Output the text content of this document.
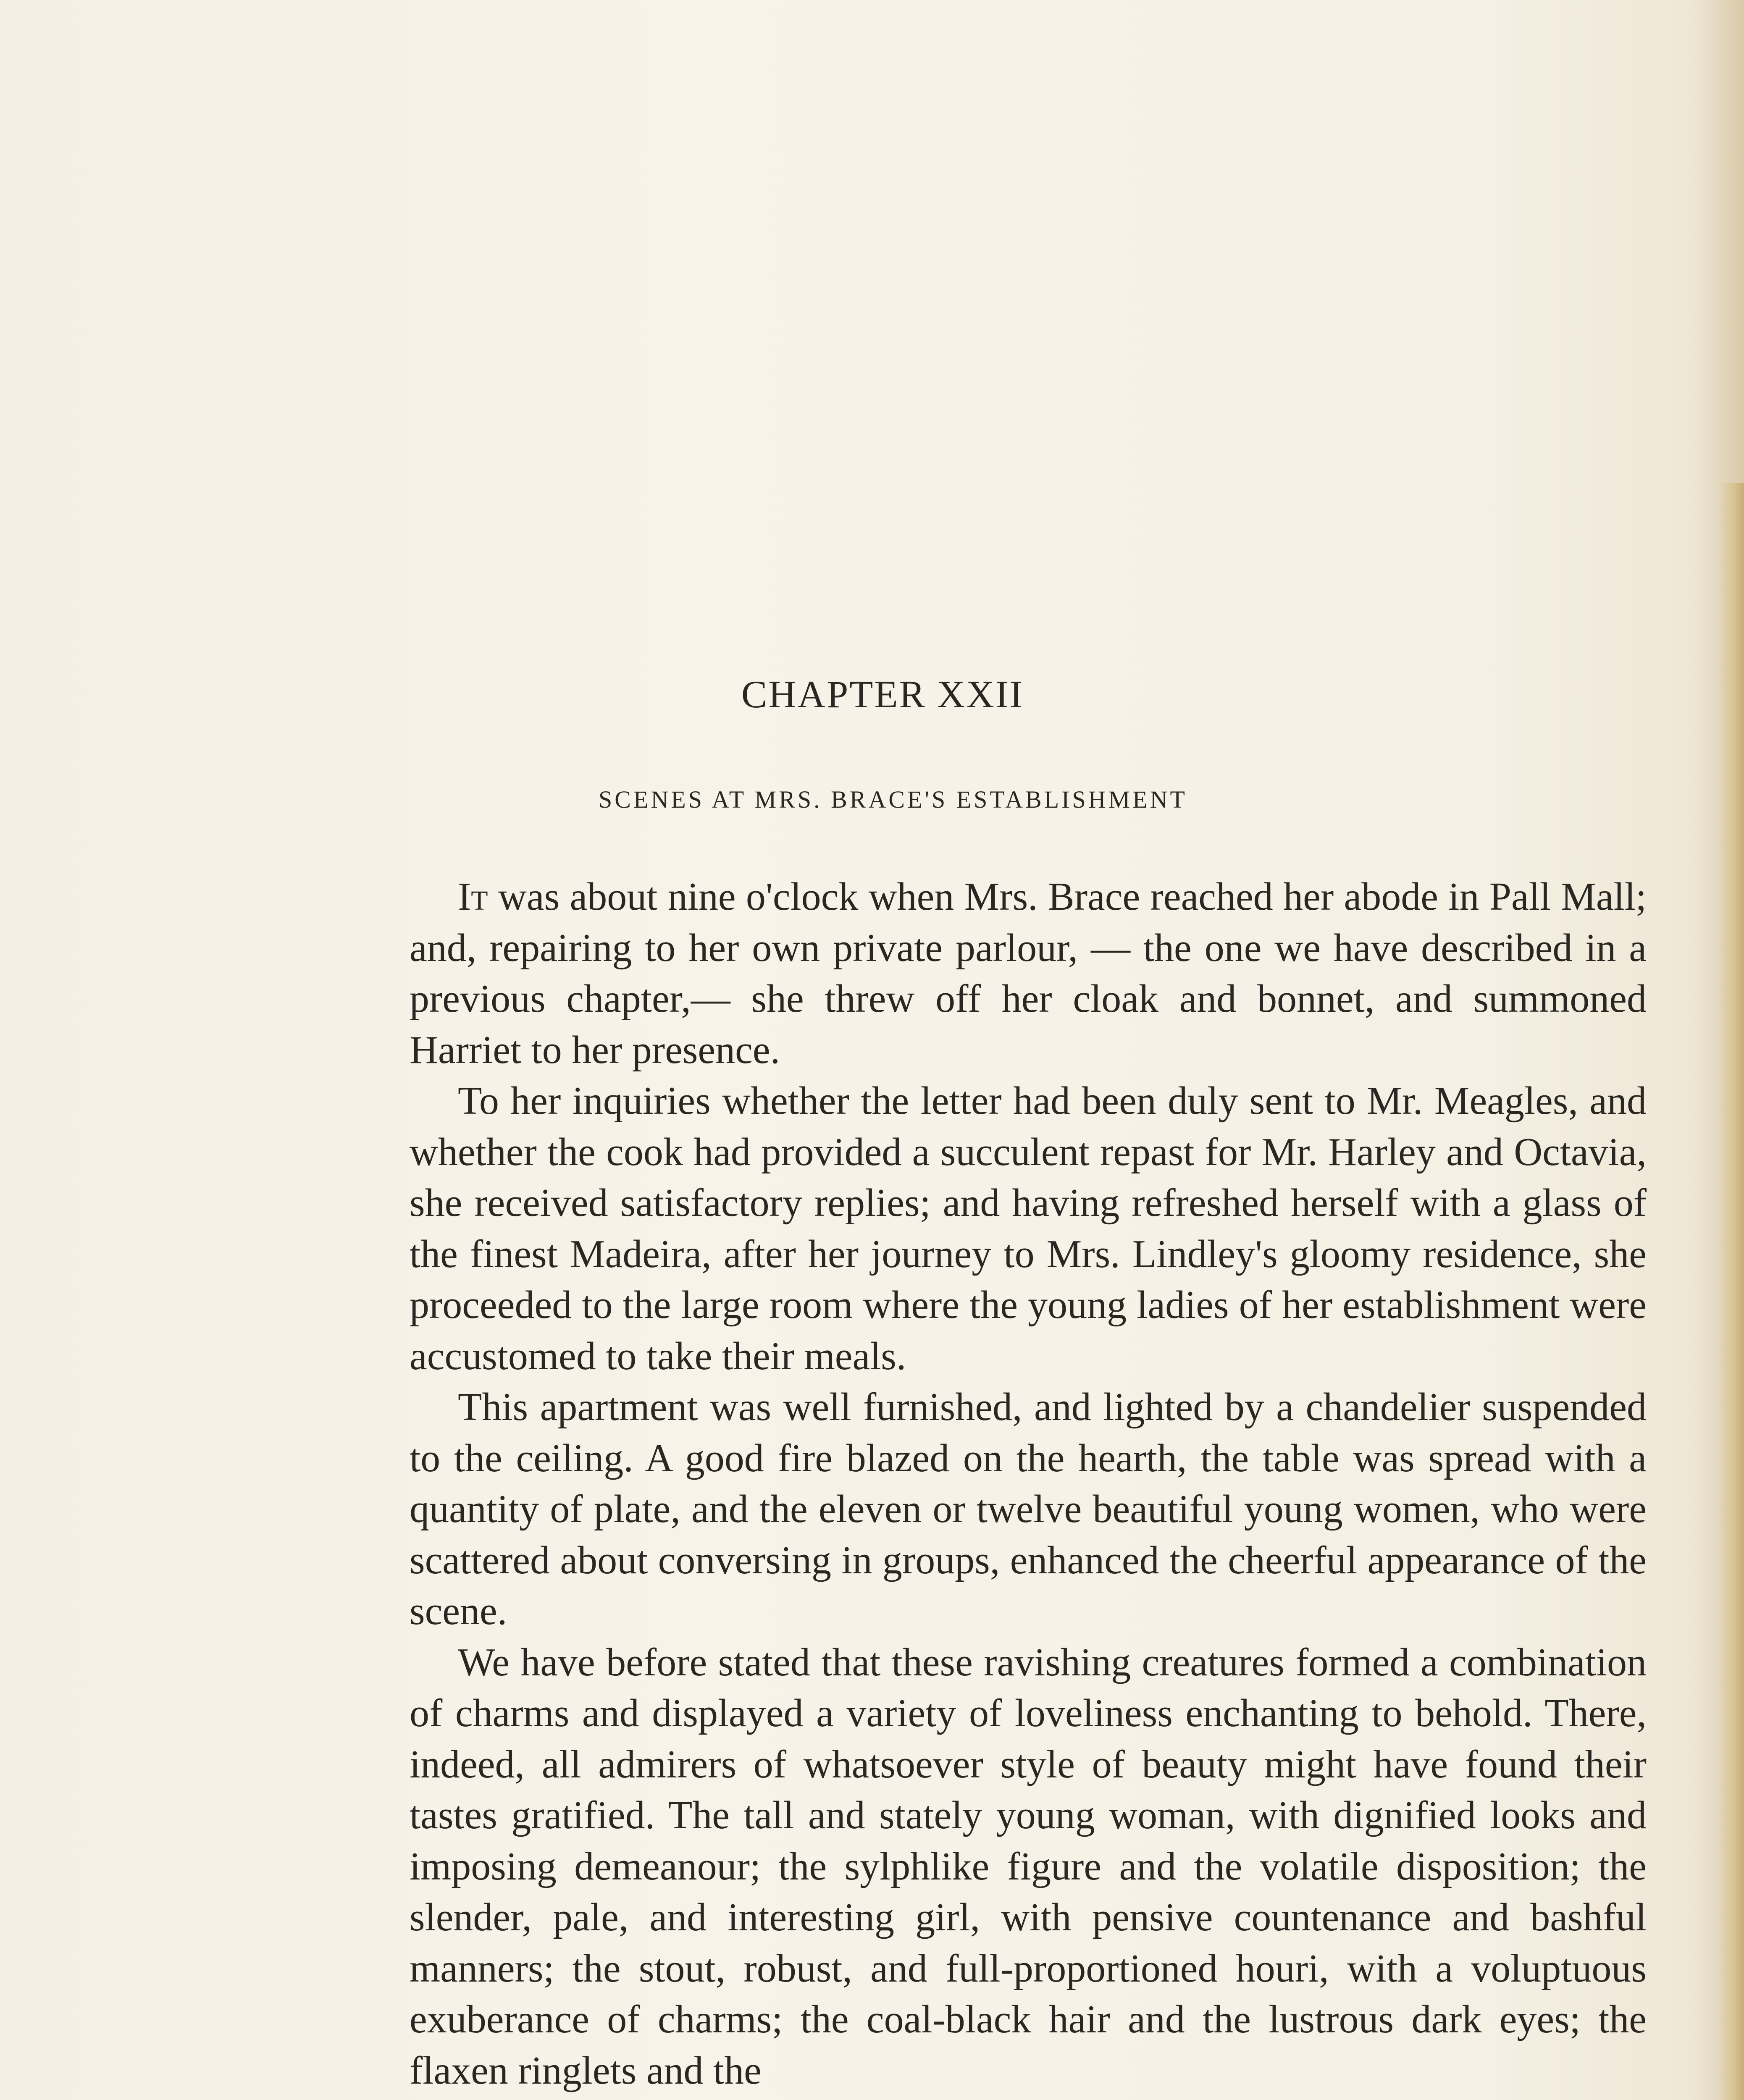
CHAPTER XXII
SCENES AT MRS. BRACE'S ESTABLISHMENT

It was about nine o'clock when Mrs. Brace reached her abode in Pall Mall; and, repairing to her own private parlour, — the one we have described in a previous chapter,— she threw off her cloak and bonnet, and summoned Harriet to her presence.

To her inquiries whether the letter had been duly sent to Mr. Meagles, and whether the cook had provided a succulent repast for Mr. Harley and Octavia, she received satisfactory replies; and having refreshed herself with a glass of the finest Madeira, after her journey to Mrs. Lindley's gloomy residence, she proceeded to the large room where the young ladies of her establishment were accustomed to take their meals.

This apartment was well furnished, and lighted by a chandelier suspended to the ceiling. A good fire blazed on the hearth, the table was spread with a quantity of plate, and the eleven or twelve beautiful young women, who were scattered about conversing in groups, enhanced the cheerful appearance of the scene.

We have before stated that these ravishing creatures formed a combination of charms and displayed a variety of loveliness enchanting to behold. There, indeed, all admirers of whatsoever style of beauty might have found their tastes gratified. The tall and stately young woman, with dignified looks and imposing demeanour; the sylphlike figure and the volatile disposition; the slender, pale, and interesting girl, with pensive countenance and bashful manners; the stout, robust, and full-proportioned houri, with a voluptuous exuberance of charms; the coal-black hair and the lustrous dark eyes; the flaxen ringlets and the
